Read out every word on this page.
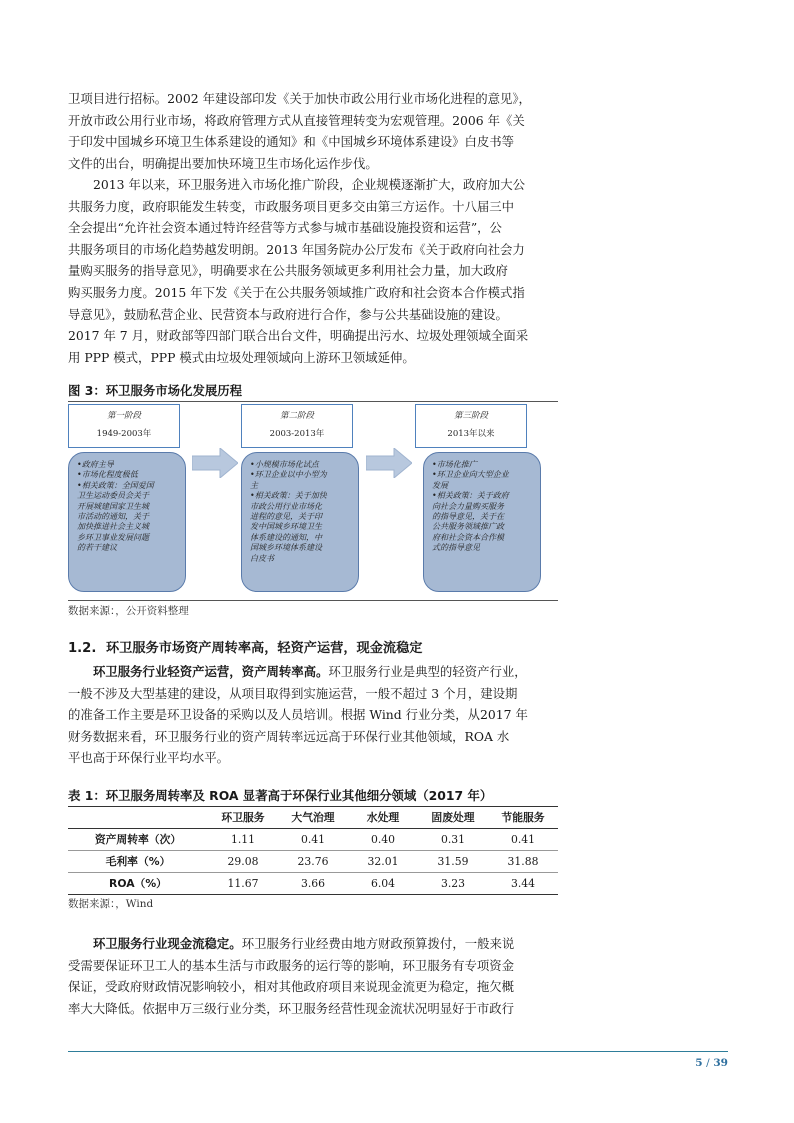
卫项目进行招标。2002 年建设部印发《关于加快市政公用行业市场化进程的意见》，
开放市政公用行业市场，将政府管理方式从直接管理转变为宏观管理。2006 年《关
于印发中国城乡环境卫生体系建设的通知》和《中国城乡环境体系建设》白皮书等
文件的出台，明确提出要加快环境卫生市场化运作步伐。
2013 年以来，环卫服务进入市场化推广阶段，企业规模逐渐扩大，政府加大公
共服务力度，政府职能发生转变，市政服务项目更多交由第三方运作。十八届三中
全会提出“允许社会资本通过特许经营等方式参与城市基础设施投资和运营”，公
共服务项目的市场化趋势越发明朗。2013 年国务院办公厅发布《关于政府向社会力
量购买服务的指导意见》，明确要求在公共服务领域更多利用社会力量，加大政府
购买服务力度。2015 年下发《关于在公共服务领域推广政府和社会资本合作模式指
导意见》，鼓励私营企业、民营资本与政府进行合作，参与公共基础设施的建设。
2017 年 7 月，财政部等四部门联合出台文件，明确提出污水、垃圾处理领域全面采
用 PPP 模式，PPP 模式由垃圾处理领域向上游环卫领域延伸。
图 3：环卫服务市场化发展历程
第一阶段
1949-2003年
•政府主导
•市场化程度极低
•相关政策：全国爱国
卫生运动委员会关于
开展城建国家卫生城
市活动的通知，关于
加快推进社会主义城
乡环卫事业发展问题
的若干建议
第二阶段
2003-2013年
•小规模市场化试点
•环卫企业以中小型为
主
•相关政策：关于加快
市政公用行业市场化
进程的意见，关于印
发中国城乡环境卫生
体系建设的通知，中
国城乡环境体系建设
白皮书
第三阶段
2013年以来
•市场化推广
•环卫企业向大型企业
发展
•相关政策：关于政府
向社会力量购买服务
的指导意见，关于在
公共服务领域推广政
府和社会资本合作模
式的指导意见
数据来源：，公开资料整理
1.2. 环卫服务市场资产周转率高，轻资产运营，现金流稳定
环卫服务行业轻资产运营，资产周转率高。环卫服务行业是典型的轻资产行业，
一般不涉及大型基建的建设，从项目取得到实施运营，一般不超过 3 个月，建设期
的准备工作主要是环卫设备的采购以及人员培训。根据 Wind 行业分类，从2017 年
财务数据来看，环卫服务行业的资产周转率远远高于环保行业其他领域，ROA 水
平也高于环保行业平均水平。
表 1：环卫服务周转率及 ROA 显著高于环保行业其他细分领域（2017 年）
	环卫服务	大气治理	水处理	固废处理	节能服务
资产周转率（次）	1.11	0.41	0.40	0.31	0.41
毛利率（%）	29.08	23.76	32.01	31.59	31.88
ROA（%）	11.67	3.66	6.04	3.23	3.44
数据来源：，Wind
环卫服务行业现金流稳定。环卫服务行业经费由地方财政预算拨付，一般来说
受需要保证环卫工人的基本生活与市政服务的运行等的影响，环卫服务有专项资金
保证，受政府财政情况影响较小，相对其他政府项目来说现金流更为稳定，拖欠概
率大大降低。依据申万三级行业分类，环卫服务经营性现金流状况明显好于市政行
5 / 39
